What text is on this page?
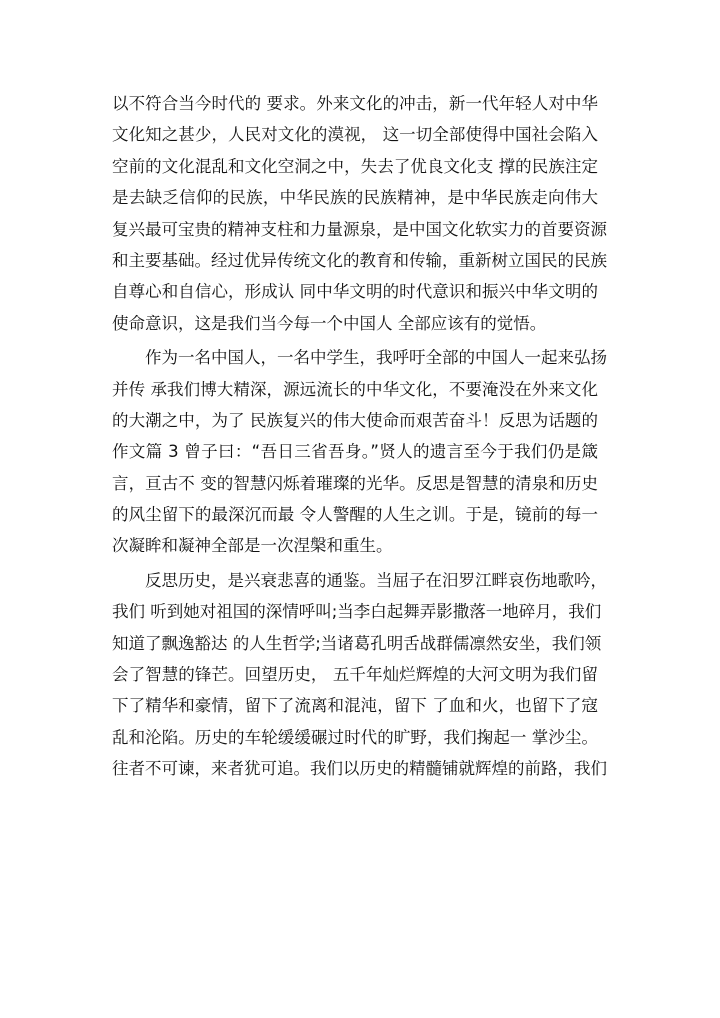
以不符合当今时代的 要求。外来文化的冲击，新一代年轻人对中华
文化知之甚少，人民对文化的漠视， 这一切全部使得中国社会陷入
空前的文化混乱和文化空洞之中，失去了优良文化支 撑的民族注定
是去缺乏信仰的民族，中华民族的民族精神，是中华民族走向伟大
复兴最可宝贵的精神支柱和力量源泉，是中国文化软实力的首要资源
和主要基础。经过优异传统文化的教育和传输，重新树立国民的民族
自尊心和自信心，形成认 同中华文明的时代意识和振兴中华文明的
使命意识，这是我们当今每一个中国人 全部应该有的觉悟。
作为一名中国人，一名中学生，我呼吁全部的中国人一起来弘扬
并传 承我们博大精深，源远流长的中华文化，不要淹没在外来文化
的大潮之中，为了 民族复兴的伟大使命而艰苦奋斗！反思为话题的
作文篇 3 曾子曰：“吾日三省吾身。”贤人的遗言至今于我们仍是箴
言，亘古不 变的智慧闪烁着璀璨的光华。反思是智慧的清泉和历史
的风尘留下的最深沉而最 令人警醒的人生之训。于是，镜前的每一
次凝眸和凝神全部是一次涅槃和重生。
反思历史，是兴衰悲喜的通鉴。当屈子在汨罗江畔哀伤地歌吟，
我们 听到她对祖国的深情呼叫;当李白起舞弄影撒落一地碎月，我们
知道了飘逸豁达 的人生哲学;当诸葛孔明舌战群儒凛然安坐，我们领
会了智慧的锋芒。回望历史， 五千年灿烂辉煌的大河文明为我们留
下了精华和豪情，留下了流离和混沌，留下 了血和火，也留下了寇
乱和沦陷。历史的车轮缓缓碾过时代的旷野，我们掬起一 掌沙尘。
往者不可谏，来者犹可追。我们以历史的精髓铺就辉煌的前路，我们
